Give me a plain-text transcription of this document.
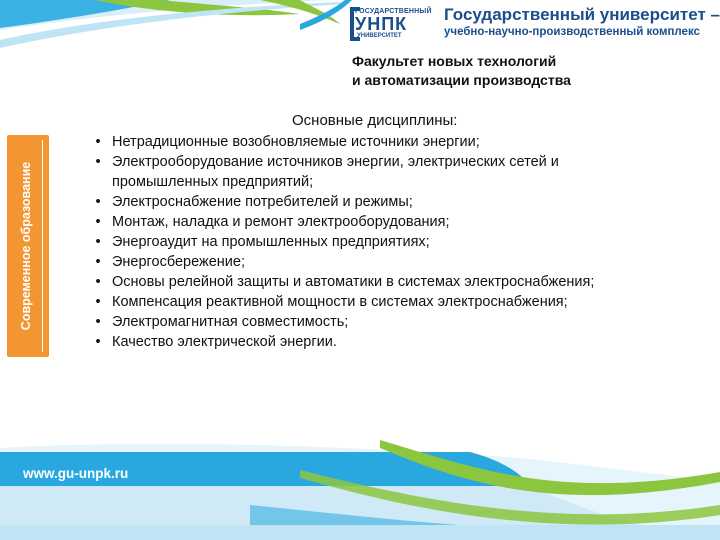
ГОСУДАРСТВЕННЫЙ
УНПК
УНИВЕРСИТЕТ
Государственный университет –
учебно-научно-производственный комплекс
Факультет новых технологий
и автоматизации производства
Современное образование
Основные дисциплины:
• Нетрадиционные возобновляемые источники энергии;
• Электрооборудование источников энергии, электрических сетей и
промышленных предприятий;
• Электроснабжение потребителей и режимы;
• Монтаж, наладка и ремонт электрооборудования;
• Энергоаудит на промышленных предприятиях;
• Энергосбережение;
• Основы релейной защиты и автоматики в системах электроснабжения;
• Компенсация реактивной мощности в системах электроснабжения;
• Электромагнитная совместимость;
• Качество электрической энергии.
www.gu-unpk.ru
